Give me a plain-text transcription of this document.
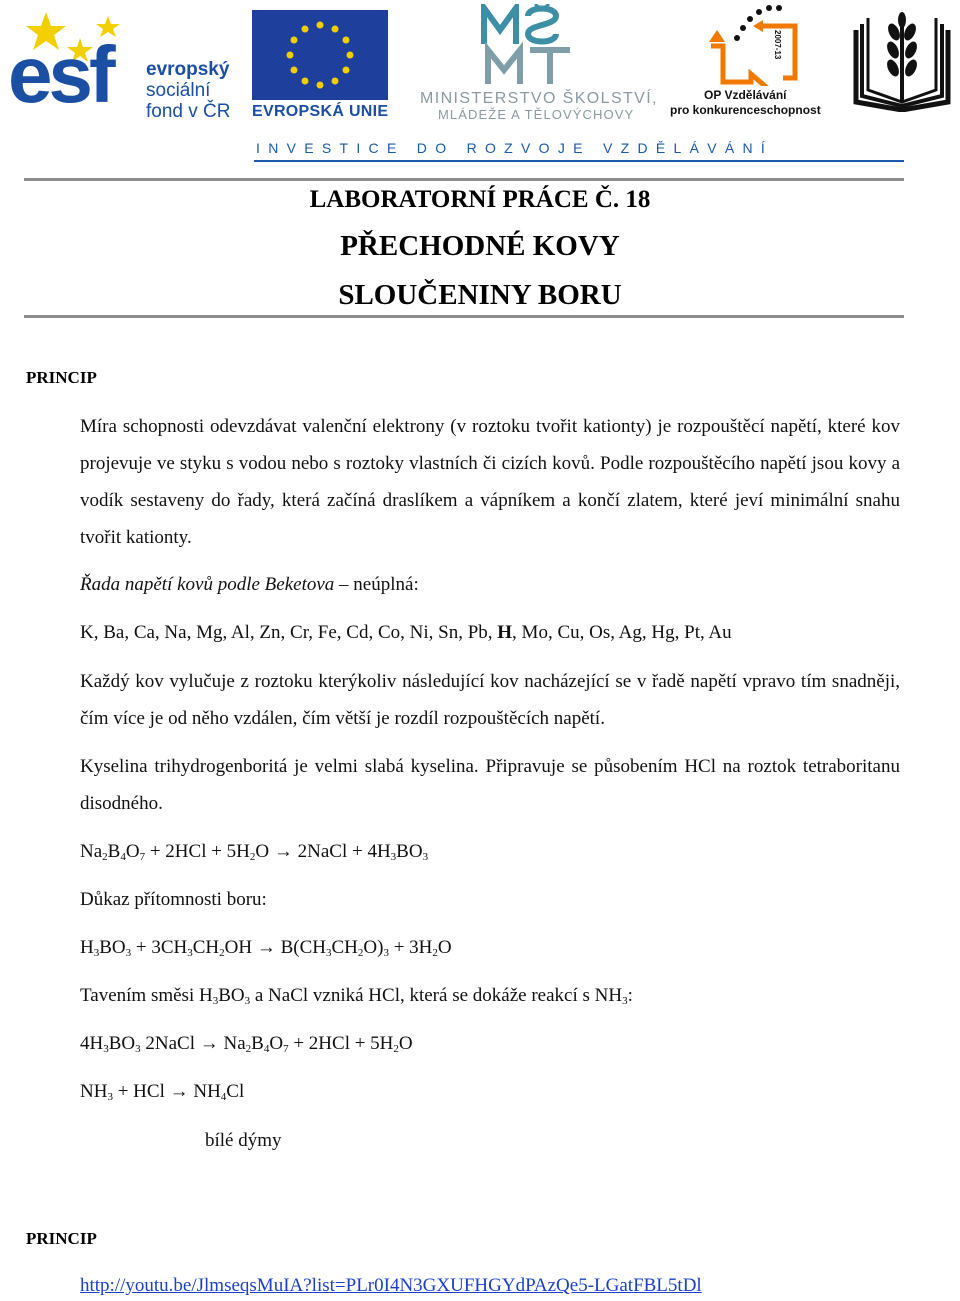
esf evropský
sociální
fond v ČR EVROPSKÁ UNIE
MINISTERSTVO ŠKOLSTVÍ,
MLÁDEŽE A TĚLOVÝCHOVY
2007-13
OP Vzdělávání
pro konkurenceschopnost
INVESTICE DO ROZVOJE VZDĚLÁVÁNÍ
LABORATORNÍ PRÁCE Č. 18
PŘECHODNÉ KOVY
SLOUČENINY BORU
PRINCIP
Míra schopnosti odevzdávat valenční elektrony (v roztoku tvořit kationty) je rozpouštěcí napětí, které kov projevuje ve styku s vodou nebo s roztoky vlastních či cizích kovů. Podle rozpouštěcího napětí jsou kovy a vodík sestaveny do řady, která začíná draslíkem a vápníkem a končí zlatem, které jeví minimální snahu tvořit kationty.
Řada napětí kovů podle Beketova – neúplná:
K, Ba, Ca, Na, Mg, Al, Zn, Cr, Fe, Cd, Co, Ni, Sn, Pb, H, Mo, Cu, Os, Ag, Hg, Pt, Au
Každý kov vylučuje z roztoku kterýkoliv následující kov nacházející se v řadě napětí vpravo tím snadněji, čím více je od něho vzdálen, čím větší je rozdíl rozpouštěcích napětí.
Kyselina trihydrogenboritá je velmi slabá kyselina. Připravuje se působením HCl na roztok tetraboritanu disodného.
$Na_2B_4O_7 + 2HCl + 5H_2O$ → 2NaCl + $4H_3BO_3$
Důkaz přítomnosti boru:
$H_3BO_3 + 3CH_3CH_2OH \to B(CH_3CH_2O)_3 + 3H_2O$
Tavením směsi $H_3BO_3$ a NaCl vzniká HCl, která se dokáže reakcí s $NH_3$:
$4H_3BO_3$ 2NaCl → $Na_2B_4O_7 + 2HCl + 5H_2O$
$NH_3$ + HCl → $NH_4Cl$
bílé dýmy
PRINCIP
http://youtu.be/JlmseqsMuIA?list=PLr0I4N3GXUFHGYdPAzQe5-LGatFBL5tDl
